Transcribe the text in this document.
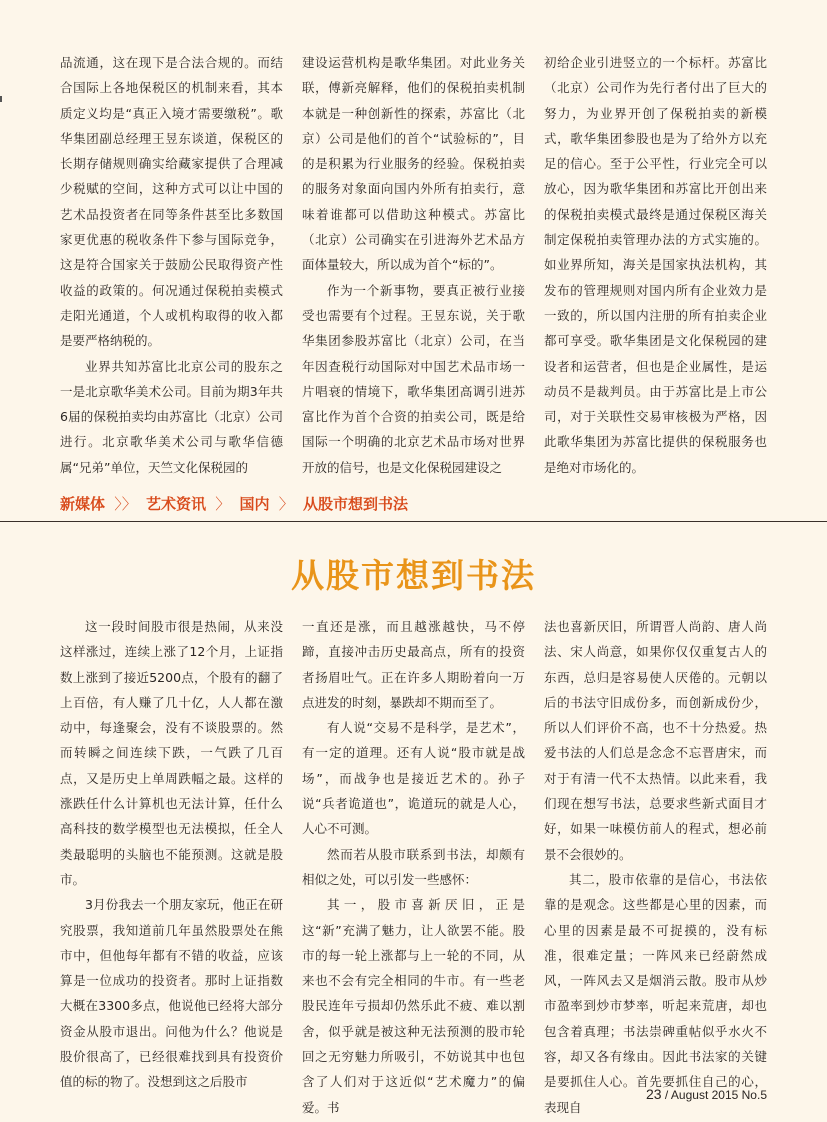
品流通，这在现下是合法合规的。而结合国际上各地保税区的机制来看，其本质定义均是“真正入境才需要缴税”。歌华集团副总经理王昱东谈道，保税区的长期存储规则确实给藏家提供了合理减少税赋的空间，这种方式可以让中国的艺术品投资者在同等条件甚至比多数国家更优惠的税收条件下参与国际竞争，这是符合国家关于鼓励公民取得资产性收益的政策的。何况通过保税拍卖模式走阳光通道，个人或机构取得的收入都是要严格纳税的。

业界共知苏富比北京公司的股东之一是北京歌华美术公司。目前为期3年共6届的保税拍卖均由苏富比（北京）公司进行。北京歌华美术公司与歌华信德属“兄弟”单位，天竺文化保税园的

建设运营机构是歌华集团。对此业务关联，傅新亮解释，他们的保税拍卖机制本就是一种创新性的探索，苏富比（北京）公司是他们的首个“试验标的”，目的是积累为行业服务的经验。保税拍卖的服务对象面向国内外所有拍卖行，意味着谁都可以借助这种模式。苏富比（北京）公司确实在引进海外艺术品方面体量较大，所以成为首个“标的”。

作为一个新事物，要真正被行业接受也需要有个过程。王昱东说，关于歌华集团参股苏富比（北京）公司，在当年因查税行动国际对中国艺术品市场一片唱衰的情境下，歌华集团高调引进苏富比作为首个合资的拍卖公司，既是给国际一个明确的北京艺术品市场对世界开放的信号，也是文化保税园建设之

初给企业引进竖立的一个标杆。苏富比（北京）公司作为先行者付出了巨大的努力，为业界开创了保税拍卖的新模式，歌华集团参股也是为了给外方以充足的信心。至于公平性，行业完全可以放心，因为歌华集团和苏富比开创出来的保税拍卖模式最终是通过保税区海关制定保税拍卖管理办法的方式实施的。如业界所知，海关是国家执法机构，其发布的管理规则对国内所有企业效力是一致的，所以国内注册的所有拍卖企业都可享受。歌华集团是文化保税园的建设者和运营者，但也是企业属性，是运动员不是裁判员。由于苏富比是上市公司，对于关联性交易审核极为严格，因此歌华集团为苏富比提供的保税服务也是绝对市场化的。

新媒体 〉〉 艺术资讯 〉 国内 〉 从股市想到书法
从股市想到书法

这一段时间股市很是热闹，从来没这样涨过，连续上涨了12个月，上证指数上涨到了接近5200点，个股有的翻了上百倍，有人赚了几十亿，人人都在激动中，每逢聚会，没有不谈股票的。然而转瞬之间连续下跌，一气跌了几百点，又是历史上单周跌幅之最。这样的涨跌任什么计算机也无法计算，任什么高科技的数学模型也无法模拟，任全人类最聪明的头脑也不能预测。这就是股市。

3月份我去一个朋友家玩，他正在研究股票，我知道前几年虽然股票处在熊市中，但他每年都有不错的收益，应该算是一位成功的投资者。那时上证指数大概在3300多点，他说他已经将大部分资金从股市退出。问他为什么？他说是股价很高了，已经很难找到具有投资价值的标的物了。没想到这之后股市

一直还是涨，而且越涨越快，马不停蹄，直接冲击历史最高点，所有的投资者扬眉吐气。正在许多人期盼着向一万点进发的时刻，暴跌却不期而至了。

有人说“交易不是科学，是艺术”，有一定的道理。还有人说“股市就是战场”，而战争也是接近艺术的。孙子说“兵者诡道也”，诡道玩的就是人心，人心不可测。

然而若从股市联系到书法，却颇有相似之处，可以引发一些感怀：

其一，股市喜新厌旧，正是这“新”充满了魅力，让人欲罢不能。股市的每一轮上涨都与上一轮的不同，从来也不会有完全相同的牛市。有一些老股民连年亏损却仍然乐此不疲、难以割舍，似乎就是被这种无法预测的股市轮回之无穷魅力所吸引，不妨说其中也包含了人们对于这近似“艺术魔力”的偏爱。书

法也喜新厌旧，所谓晋人尚韵、唐人尚法、宋人尚意，如果你仅仅重复古人的东西，总归是容易使人厌倦的。元朝以后的书法守旧成份多，而创新成份少，所以人们评价不高，也不十分热爱。热爱书法的人们总是念念不忘晋唐宋，而对于有清一代不太热情。以此来看，我们现在想写书法，总要求些新式面目才好，如果一味模仿前人的程式，想必前景不会很妙的。

其二，股市依靠的是信心，书法依靠的是观念。这些都是心里的因素，而心里的因素是最不可捉摸的，没有标准，很难定量；一阵风来已经蔚然成风，一阵风去又是烟消云散。股市从炒市盈率到炒市梦率，听起来荒唐，却也包含着真理；书法崇碑重帖似乎水火不容，却又各有缘由。因此书法家的关键是要抓住人心。首先要抓住自己的心，表现自

23 / August 2015 No.5
